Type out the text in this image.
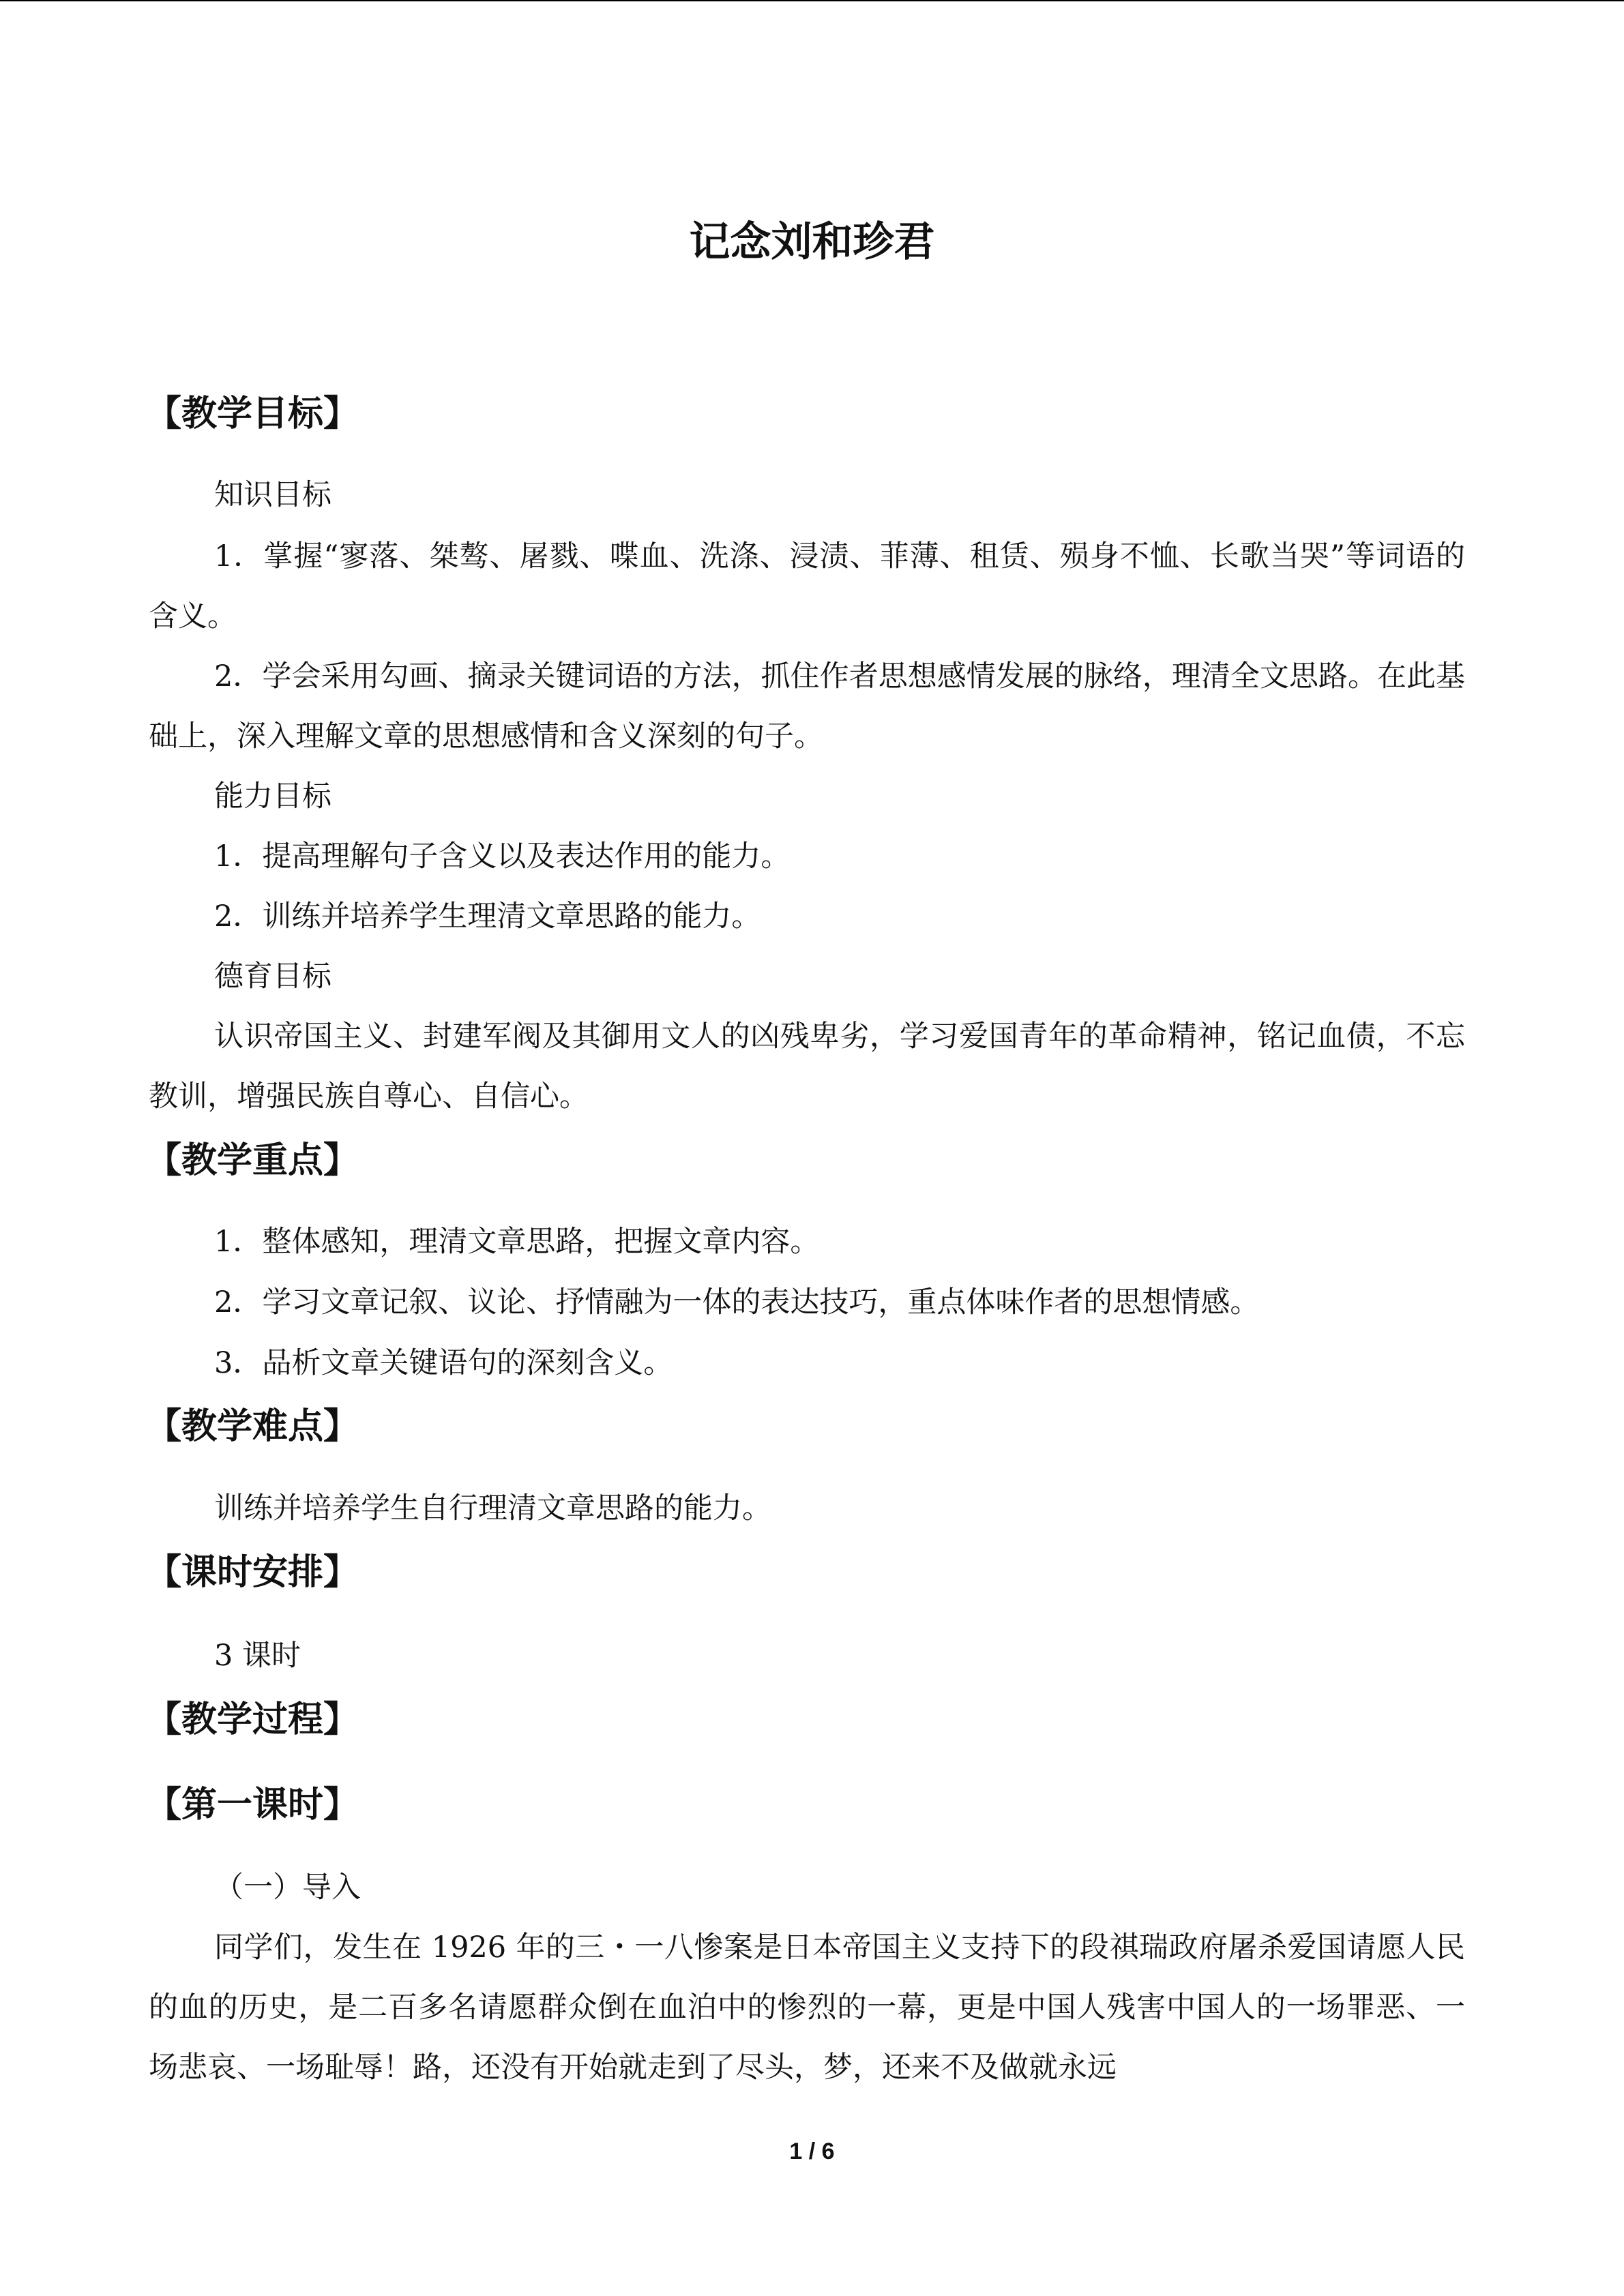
记念刘和珍君
【教学目标】
知识目标
1．掌握“寥落、桀骜、屠戮、喋血、洗涤、浸渍、菲薄、租赁、殒身不恤、长歌当哭”等词语的含义。
2．学会采用勾画、摘录关键词语的方法，抓住作者思想感情发展的脉络，理清全文思路。在此基础上，深入理解文章的思想感情和含义深刻的句子。
能力目标
1．提高理解句子含义以及表达作用的能力。
2．训练并培养学生理清文章思路的能力。
德育目标
认识帝国主义、封建军阀及其御用文人的凶残卑劣，学习爱国青年的革命精神，铭记血债，不忘教训，增强民族自尊心、自信心。
【教学重点】
1．整体感知，理清文章思路，把握文章内容。
2．学习文章记叙、议论、抒情融为一体的表达技巧，重点体味作者的思想情感。
3．品析文章关键语句的深刻含义。
【教学难点】
训练并培养学生自行理清文章思路的能力。
【课时安排】
3 课时
【教学过程】
【第一课时】
（一）导入
同学们，发生在 1926 年的三・一八惨案是日本帝国主义支持下的段祺瑞政府屠杀爱国请愿人民的血的历史，是二百多名请愿群众倒在血泊中的惨烈的一幕，更是中国人残害中国人的一场罪恶、一场悲哀、一场耻辱！路，还没有开始就走到了尽头，梦，还来不及做就永远
1 / 6
